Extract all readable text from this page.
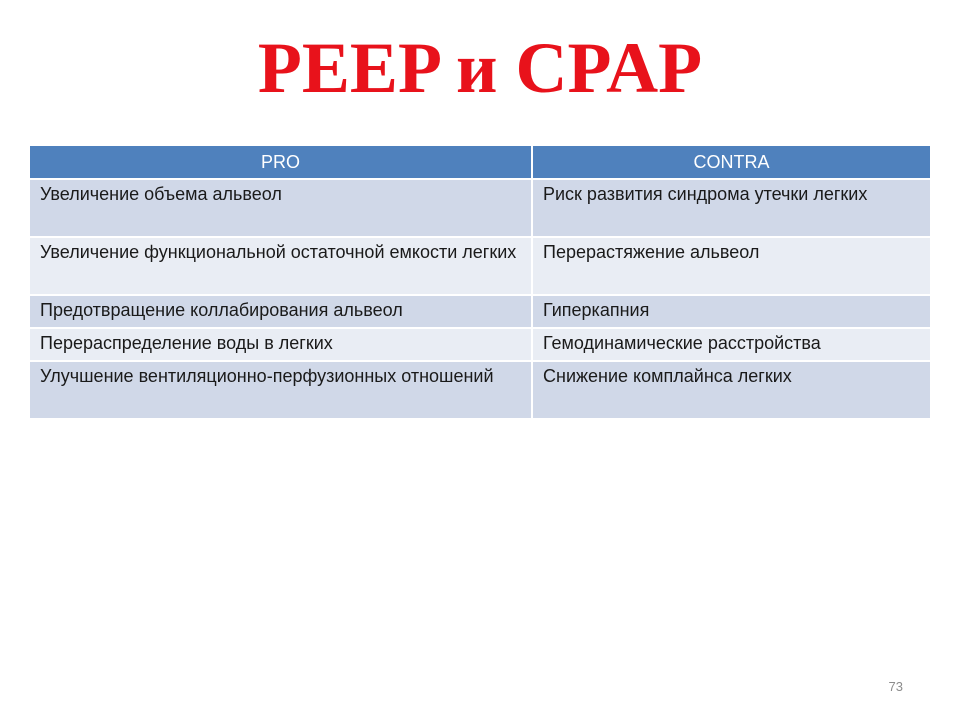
PEEP и CPAP
PRO	CONTRA
Увеличение объема альвеол	Риск развития синдрома утечки легких
Увеличение функциональной остаточной емкости легких	Перерастяжение альвеол
Предотвращение коллабирования альвеол	Гиперкапния
Перераспределение воды в легких	Гемодинамические расстройства
Улучшение вентиляционно-перфузионных отношений	Снижение комплайнса легких
73
